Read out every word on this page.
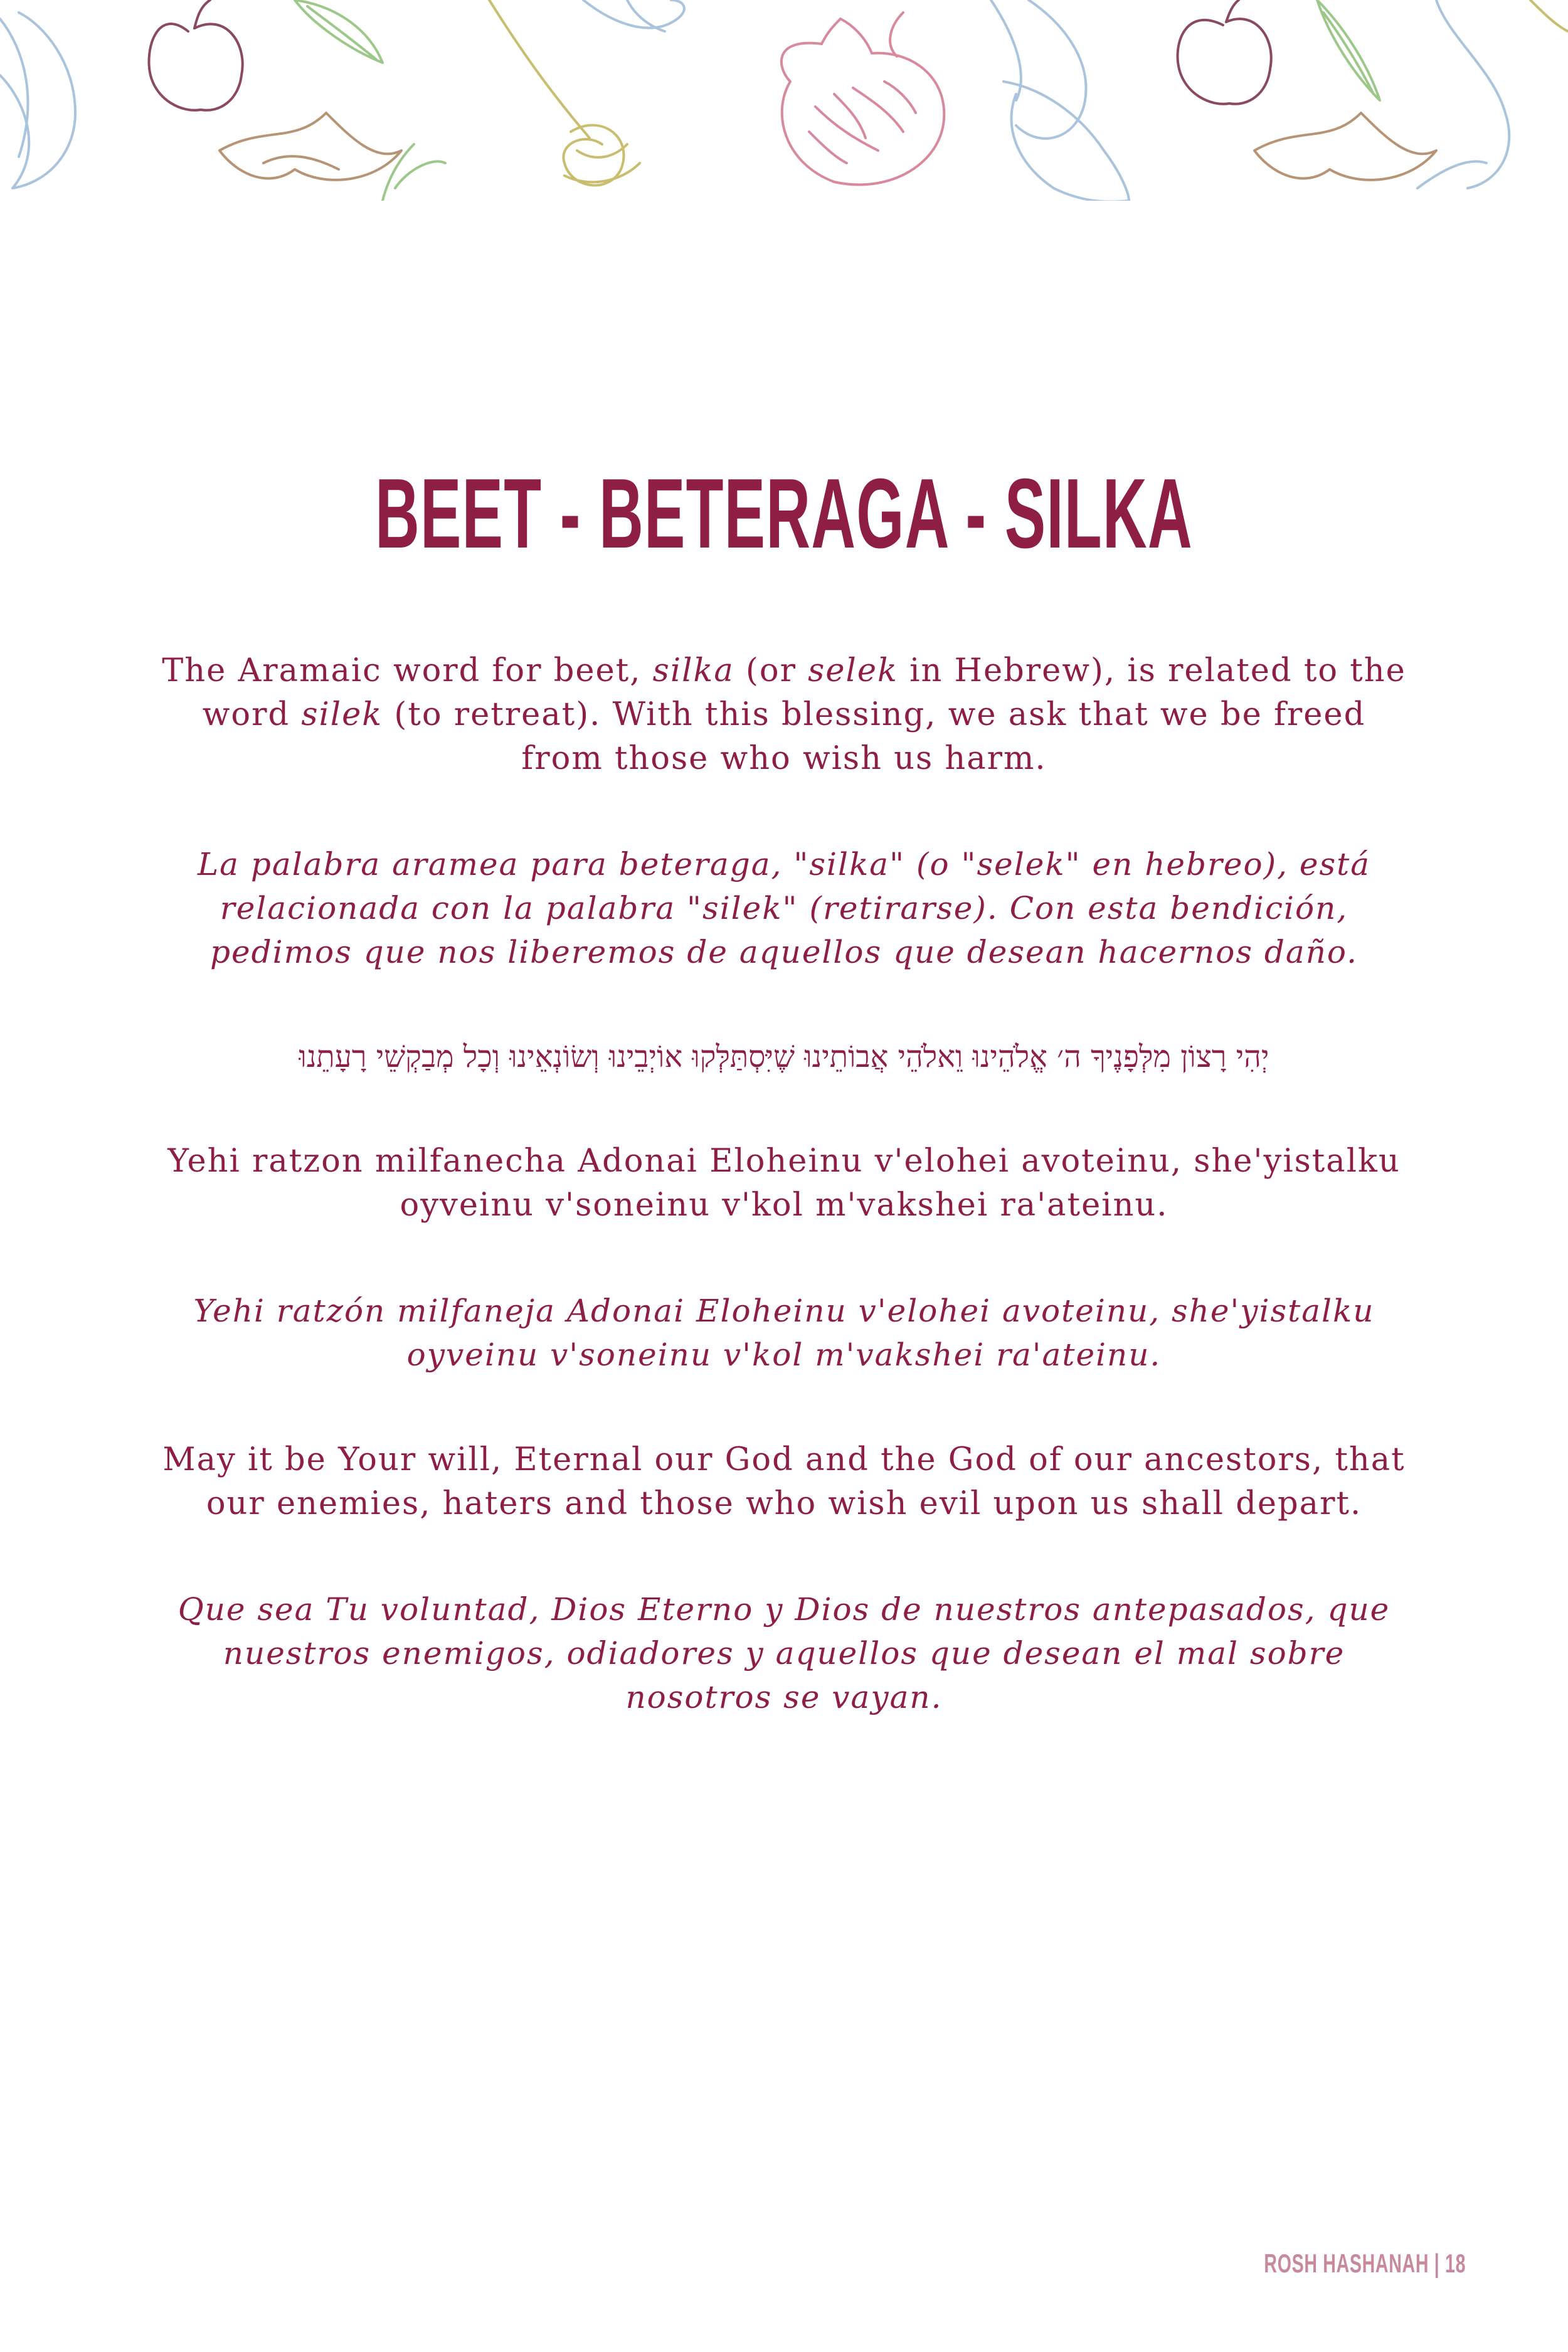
BEET - BETERAGA - SILKA

The Aramaic word for beet, silka (or selek in Hebrew), is related to the word silek (to retreat). With this blessing, we ask that we be freed from those who wish us harm.

La palabra aramea para beteraga, "silka" (o "selek" en hebreo), está relacionada con la palabra "silek" (retirarse). Con esta bendición, pedimos que nos liberemos de aquellos que desean hacernos daño.

יְהִי רָצוֹן מִלְּפָנֶיךָ ה׳ אֱלֹהֵינוּ וֵאלֹהֵי אֲבוֹתֵינוּ שֶׁיִּסְתַּלְּקוּ אוֹיְבֵינוּ וְשׂוֹנְאֵינוּ וְכָל מְבַקְשֵׁי רָעָתֵנוּ

Yehi ratzon milfanecha Adonai Eloheinu v'elohei avoteinu, she'yistalku oyveinu v'soneinu v'kol m'vakshei ra'ateinu.

Yehi ratzón milfaneja Adonai Eloheinu v'elohei avoteinu, she'yistalku oyveinu v'soneinu v'kol m'vakshei ra'ateinu.

May it be Your will, Eternal our God and the God of our ancestors, that our enemies, haters and those who wish evil upon us shall depart.

Que sea Tu voluntad, Dios Eterno y Dios de nuestros antepasados, que nuestros enemigos, odiadores y aquellos que desean el mal sobre nosotros se vayan.

ROSH HASHANAH | 18
